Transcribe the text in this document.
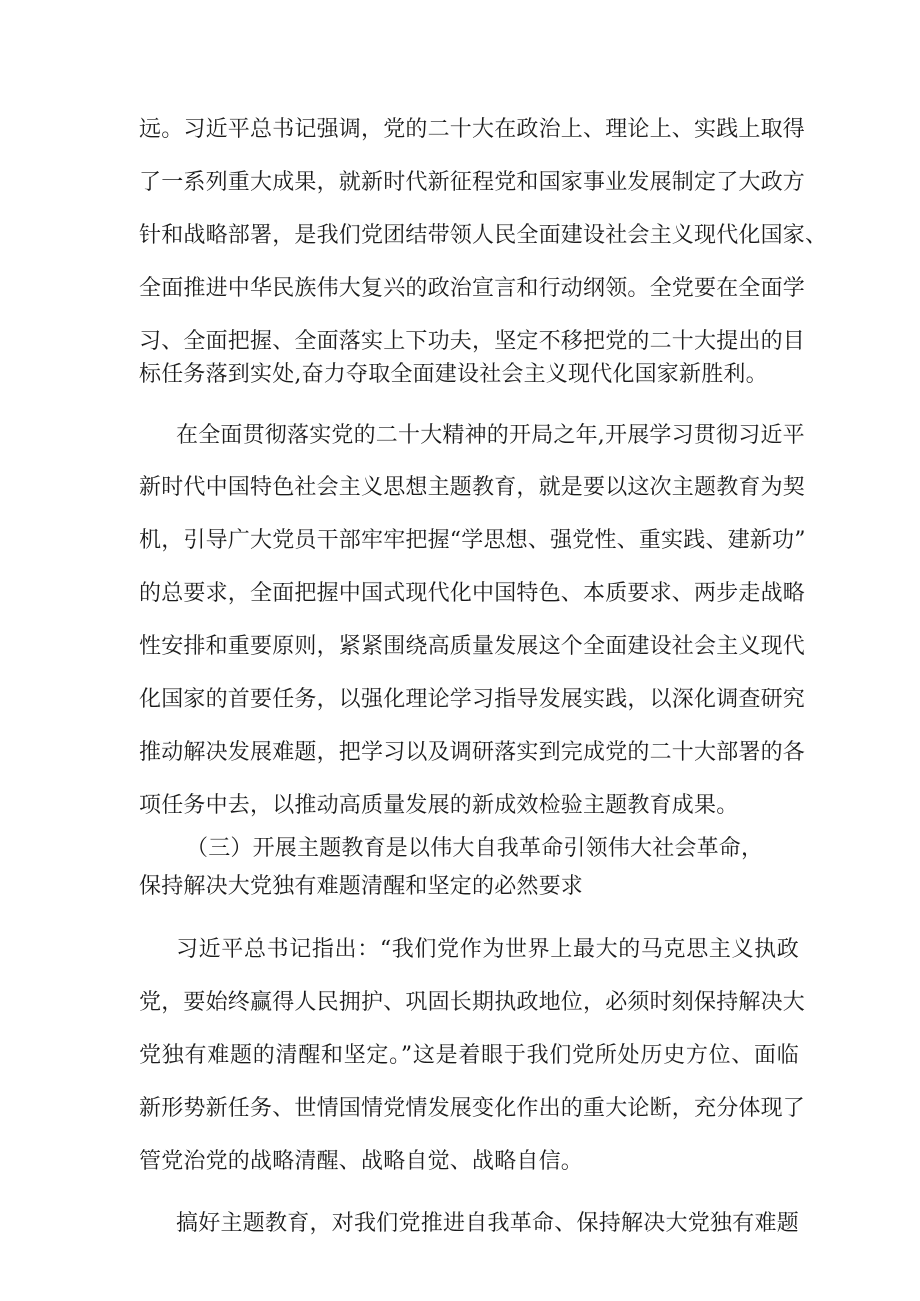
远。习近平总书记强调，党的二十大在政治上、理论上、实践上取得
了一系列重大成果，就新时代新征程党和国家事业发展制定了大政方
针和战略部署，是我们党团结带领人民全面建设社会主义现代化国家、
全面推进中华民族伟大复兴的政治宣言和行动纲领。全党要在全面学
习、全面把握、全面落实上下功夫，坚定不移把党的二十大提出的目
标任务落到实处,奋力夺取全面建设社会主义现代化国家新胜利。
在全面贯彻落实党的二十大精神的开局之年,开展学习贯彻习近平
新时代中国特色社会主义思想主题教育，就是要以这次主题教育为契
机，引导广大党员干部牢牢把握“学思想、强党性、重实践、建新功”
的总要求，全面把握中国式现代化中国特色、本质要求、两步走战略
性安排和重要原则，紧紧围绕高质量发展这个全面建设社会主义现代
化国家的首要任务，以强化理论学习指导发展实践，以深化调查研究
推动解决发展难题，把学习以及调研落实到完成党的二十大部署的各
项任务中去，以推动高质量发展的新成效检验主题教育成果。
（三）开展主题教育是以伟大自我革命引领伟大社会革命，
保持解决大党独有难题清醒和坚定的必然要求
习近平总书记指出：“我们党作为世界上最大的马克思主义执政
党，要始终赢得人民拥护、巩固长期执政地位，必须时刻保持解决大
党独有难题的清醒和坚定。”这是着眼于我们党所处历史方位、面临
新形势新任务、世情国情党情发展变化作出的重大论断，充分体现了
管党治党的战略清醒、战略自觉、战略自信。
搞好主题教育，对我们党推进自我革命、保持解决大党独有难题
